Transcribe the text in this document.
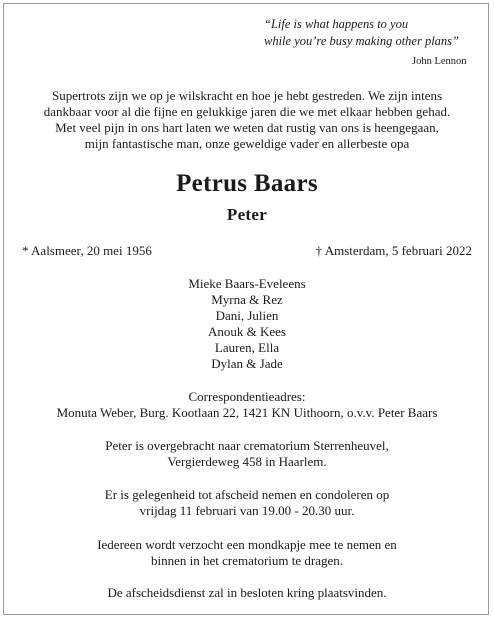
“Life is what happens to you
while you’re busy making other plans”
John Lennon
Supertrots zijn we op je wilskracht en hoe je hebt gestreden. We zijn intens
dankbaar voor al die fijne en gelukkige jaren die we met elkaar hebben gehad.
Met veel pijn in ons hart laten we weten dat rustig van ons is heengegaan,
mijn fantastische man, onze geweldige vader en allerbeste opa
Petrus Baars
Peter
* Aalsmeer, 20 mei 1956	† Amsterdam, 5 februari 2022
Mieke Baars-Eveleens
Myrna & Rez
Dani, Julien
Anouk & Kees
Lauren, Ella
Dylan & Jade
Correspondentieadres:
Monuta Weber, Burg. Kootlaan 22, 1421 KN Uithoorn, o.v.v. Peter Baars
Peter is overgebracht naar crematorium Sterrenheuvel,
Vergierdeweg 458 in Haarlem.
Er is gelegenheid tot afscheid nemen en condoleren op
vrijdag 11 februari van 19.00 - 20.30 uur.
Iedereen wordt verzocht een mondkapje mee te nemen en
binnen in het crematorium te dragen.
De afscheidsdienst zal in besloten kring plaatsvinden.
